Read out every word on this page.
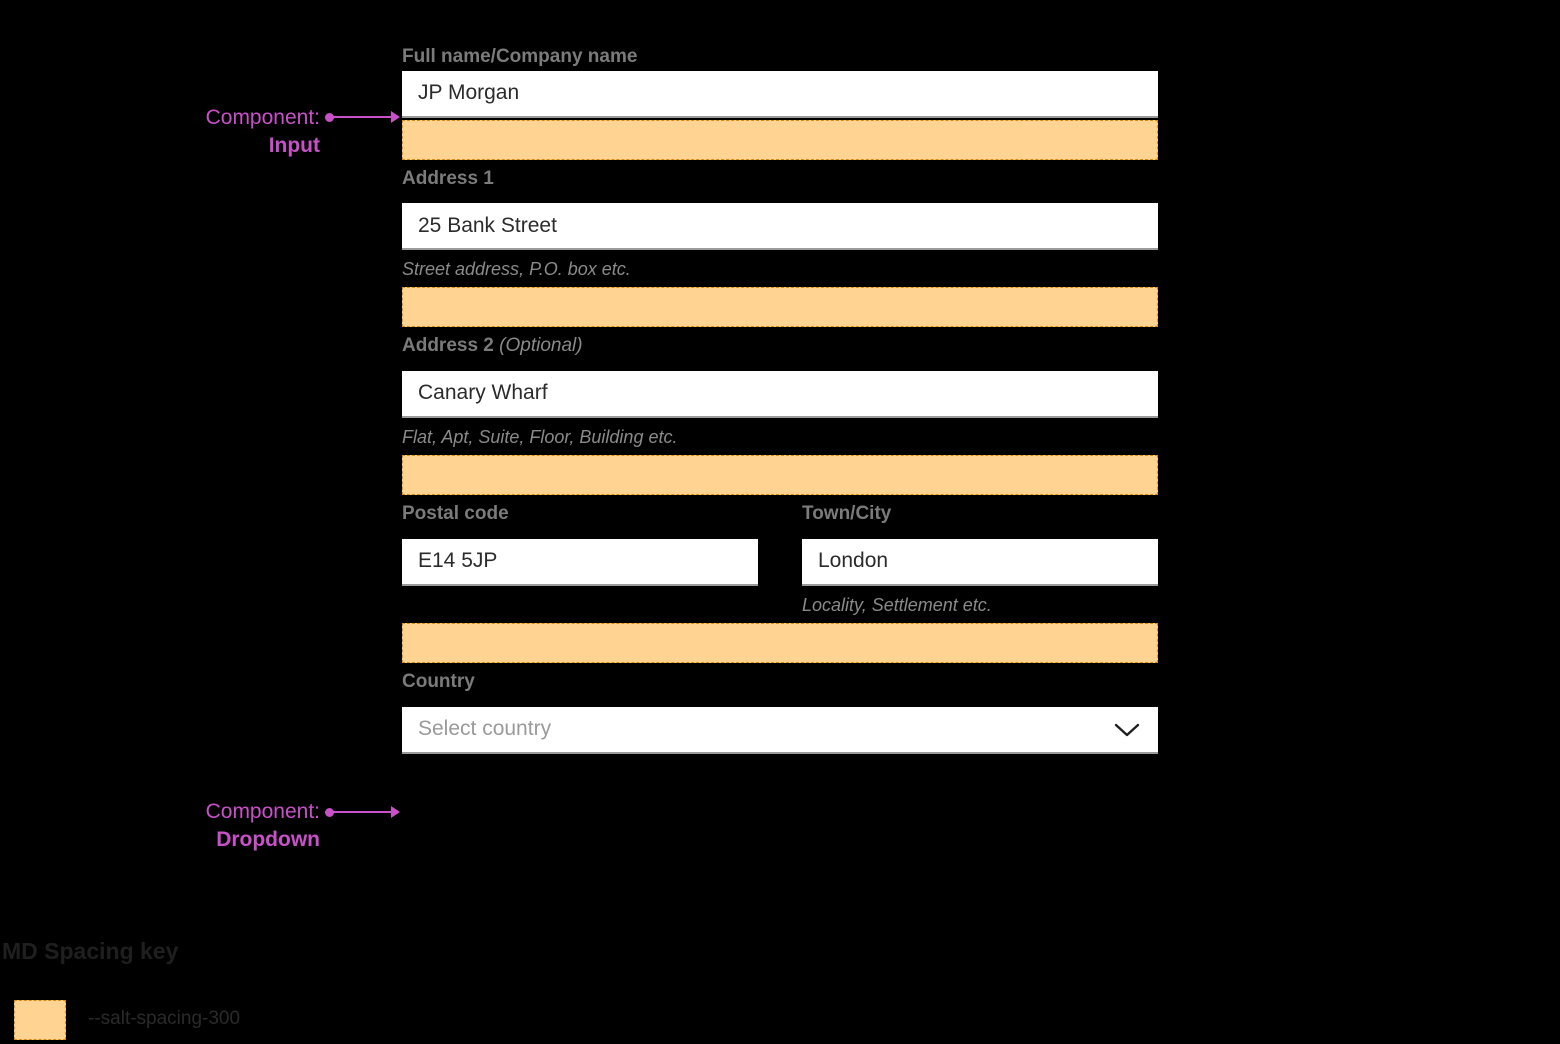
Component:
Input
Component:
Dropdown
Full name/Company name
JP Morgan
Address 1
25 Bank Street
Street address, P.O. box etc.
Address 2 (Optional)
Canary Wharf
Flat, Apt, Suite, Floor, Building etc.
Postal code	Town/City
E14 5JP
London
Locality, Settlement etc.
Country
Select country
MD Spacing key
--salt-spacing-300
